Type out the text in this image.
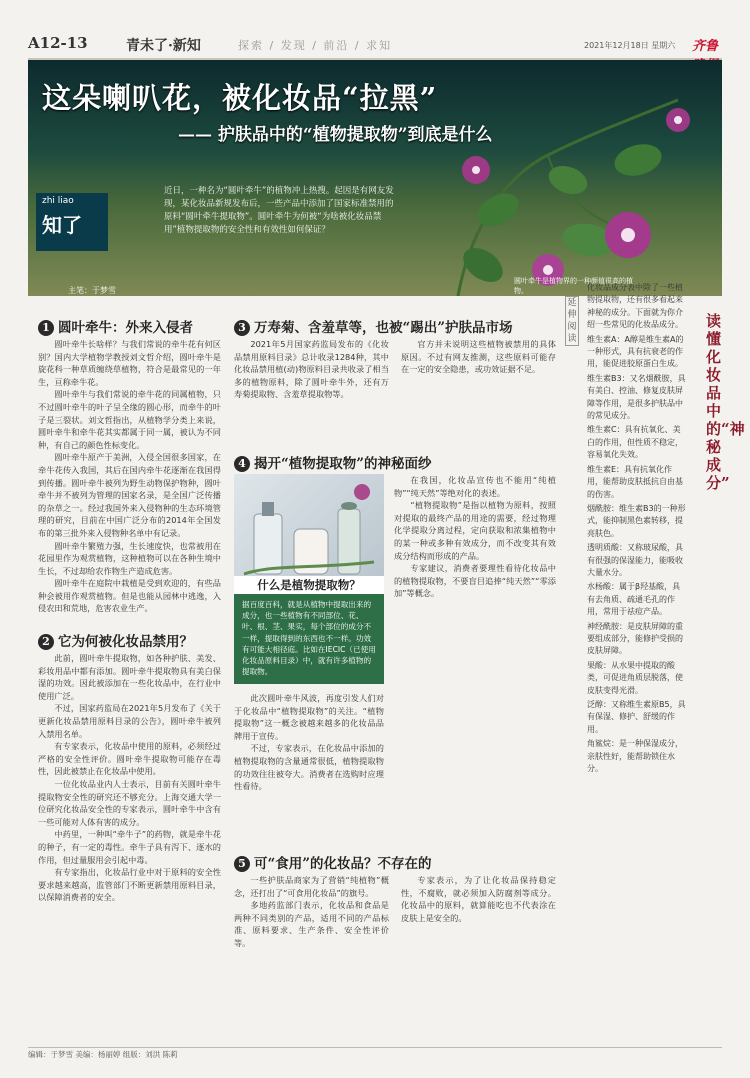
A12-13	青未了·新知	探索 / 发现 / 前沿 / 求知	2021年12月18日 星期六 齐鲁
这朵喇叭花，被化妆品“拉黑”
—— 护肤品中的“植物提取物”到底是什么
zhi liao
知了
主笔：于梦雪
近日，一种名为“圆叶牵牛”的植物冲上热搜。起因是有网友发现，某化妆品新规发布后，一些产品中添加了国家标准禁用的原料“圆叶牵牛提取物”。圆叶牵牛为何被“为啥被化妆品禁用”植物提取物的安全性和有效性如何保证？
圆叶牵牛是植物界的一种颜值很高的植物。
1 圆叶牵牛：外来入侵者

圆叶牵牛长啥样？与我们常说的牵牛花有何区别？国内大学植物学教授刘文哲介绍，圆叶牵牛是旋花科一种草质缠绕草植物，符合是最常见的一年生，亘称牵牛花。

圆叶牵牛与我们常说的牵牛花的同属植物，只不过圆叶牵牛的叶子呈全缘的圆心形，而牵牛的叶子是三裂状。刘文哲指出，从植物学分类上来说，圆叶牵牛和牵牛花其实都属于同一属，被认为不同种，有自己的颜色性标变化。

圆叶牵牛原产于美洲，入侵全国很多国家，在牵牛花传入我国，其后在国内牵牛花逐渐在我国得到传播。圆叶牵牛被列为野生动物保护物种，圆叶牵牛并不被列为管理的国家名录，是全国广泛传播的杂草之一。经过我国外来入侵物种的生态环境管理的研究，目前在中国广泛分布的2014年全国发布的第三批外来入侵物种名单中有记录。

圆叶牵牛繁殖力强，生长速度快，也常被用在花园里作为观赏植物，这种植物可以在各种生境中生长，不过却给农作物生产造成危害。

圆叶牵牛在庭院中栽植是受到欢迎的，有些品种会被用作观赏植物。但是也能从园林中逃逸，入侵农田和荒地，危害农业生产。

2 它为何被化妆品禁用？

此前，圆叶牵牛提取物，如各种护肤、美发、彩妆用品中都有添加。圆叶牵牛提取物具有美白保湿的功效。因此被添加在一些化妆品中，在行业中使用广泛。

不过，国家药监局在2021年5月发布了《关于更新化妆品禁用原料目录的公告》，圆叶牵牛被列入禁用名单。

有专家表示，化妆品中使用的原料，必须经过严格的安全性评价。圆叶牵牛提取物可能存在毒性，因此被禁止在化妆品中使用。

一位化妆品业内人士表示，目前有关圆叶牵牛提取物安全性的研究还不够充分。上海交通大学一位研究化妆品安全性的专家表示，圆叶牵牛中含有一些可能对人体有害的成分。

中药里，一种叫“牵牛子”的药物，就是牵牛花的种子，有一定的毒性。牵牛子具有泻下、逐水的作用，但过量服用会引起中毒。

有专家指出，化妆品行业中对于原料的安全性要求越来越高，监管部门不断更新禁用原料目录，以保障消费者的安全。

3 万寿菊、含羞草等，也被“踢出”护肤品市场

2021年5月国家药监局发布的《化妆品禁用原料目录》总计收录1284种，其中化妆品禁用植(动)物原料目录共收录了相当多的植物原料，除了圆叶牵牛外，还有万寿菊提取物、含羞草提取物等。

官方并未说明这些植物被禁用的具体原因。不过有网友推测，这些原料可能存在一定的安全隐患，或功效证据不足。

4 揭开“植物提取物”的神秘面纱
什么是植物提取物？
据百度百科，就是从植物中提取出来的成分，也一些植物有不同部位、花、叶、根、茎、果实，每个部位的成分不一样，提取得到的东西也不一样。功效有可能大相径庭。比如在IECIC（已使用化妆品原料目录）中，就有许多植物的提取物。

在我国，化妆品宣传也不能用“纯植物”“纯天然”等绝对化的表述。

“植物提取物”是指以植物为原料，按照对提取的最终产品的用途的需要，经过物理化学提取分离过程，定向获取和浓集植物中的某一种或多种有效成分，而不改变其有效成分结构而形成的产品。

专家建议，消费者要理性看待化妆品中的植物提取物，不要盲目追捧“纯天然”“零添加”等概念。

此次圆叶牵牛风波，再度引发人们对于化妆品中“植物提取物”的关注。“植物提取物”这一概念被越来越多的化妆品品牌用于宣传。

不过，专家表示，在化妆品中添加的植物提取物的含量通常很低，植物提取物的功效往往被夸大。消费者在选购时应理性看待。

5 可“食用”的化妆品？不存在的

一些护肤品商家为了营销“纯植物”概念，还打出了“可食用化妆品”的旗号。

多地药监部门表示，化妆品和食品是两种不同类别的产品，适用不同的产品标准、原料要求、生产条件、安全性评价等。

专家表示，为了让化妆品保持稳定性，不腐败，就必须加入防腐剂等成分。化妆品中的原料，就算能吃也不代表涂在皮肤上是安全的。

延伸阅读
读懂化妆品中的“神秘成分”

化妆品成分表中除了一些植物提取物，还有很多看起来神秘的成分。下面就为你介绍一些常见的化妆品成分。

维生素A：A醇是维生素A的一种形式，具有抗衰老的作用，能促进胶原蛋白生成。

维生素B3：又名烟酰胺，具有美白、控油、修复皮肤屏障等作用，是很多护肤品中的常见成分。

维生素C：具有抗氧化、美白的作用，但性质不稳定，容易氧化失效。

维生素E：具有抗氧化作用，能帮助皮肤抵抗自由基的伤害。

烟酰胺：维生素B3的一种形式，能抑制黑色素转移，提亮肤色。

透明质酸：又称玻尿酸，具有很强的保湿能力，能吸收大量水分。

水杨酸：属于β羟基酸，具有去角质、疏通毛孔的作用，常用于祛痘产品。

神经酰胺：是皮肤屏障的重要组成部分，能修护受损的皮肤屏障。

果酸：从水果中提取的酸类，可促进角质层脱落，使皮肤变得光滑。

泛醇：又称维生素原B5，具有保湿、修护、舒缓的作用。

角鲨烷：是一种保湿成分，亲肤性好，能帮助锁住水分。

编辑：于梦雪 美编：杨丽婷 组版：刘洪 陈莉
